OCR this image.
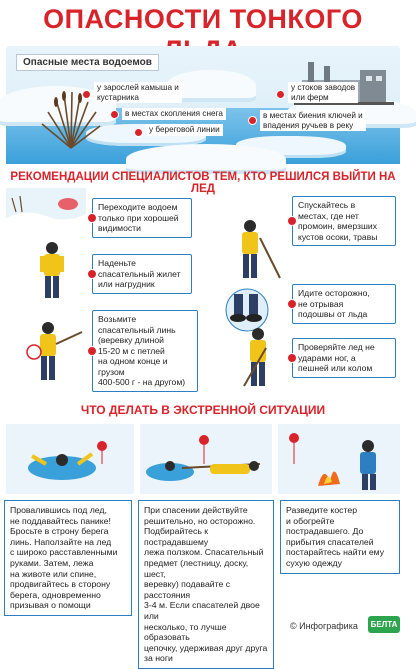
ОПАСНОСТИ ТОНКОГО
Опасные места водоемов
у зарослей камыша и
кустарника
в местах скопления снега
у береговой линии
у стоков заводов
или ферм
в местах биения ключей и
впадения ручьев в реку
РЕКОМЕНДАЦИИ СПЕЦИАЛИСТОВ ТЕМ, КТО РЕШИЛСЯ ВЫЙТИ НА ЛЕД
Переходите водоем
только при хорошей
видимости
Наденьте
спасательный жилет
или нагрудник
Возьмите
спасательный линь
(веревку длиной
15-20 м с петлей
на одном конце и грузом
400-500 г - на другом)
Спускайтесь в
местах, где нет
промоин, вмерзших
кустов осоки, травы
Идите осторожно,
не отрывая
подошвы от льда
Проверяйте лед не
ударами ног, а
пешней или колом
ЧТО ДЕЛАТЬ В ЭКСТРЕННОЙ СИТУАЦИИ
Провалившись под лед,
не поддавайтесь панике!
Бросьте в строну берега
линь. Наползайте на лед
с широко расставленными
руками. Затем, лежа
на животе или спине,
продвигайтесь в сторону
берега, одновременно
призывая о помощи
При спасении действуйте
решительно, но осторожно.
Подбирайтесь к пострадавшему
лежа ползком. Спасательный
предмет (лестницу, доску, шест,
веревку) подавайте с расстояния
3-4 м. Если спасателей двое или
несколько, то лучше образовать
цепочку, удерживая друг друга
за ноги
Разведите костер
и обогрейте
пострадавшего. До
прибытия спасателей
постарайтесь найти ему
сухую одежду
© Инфографика	БЕЛТА
